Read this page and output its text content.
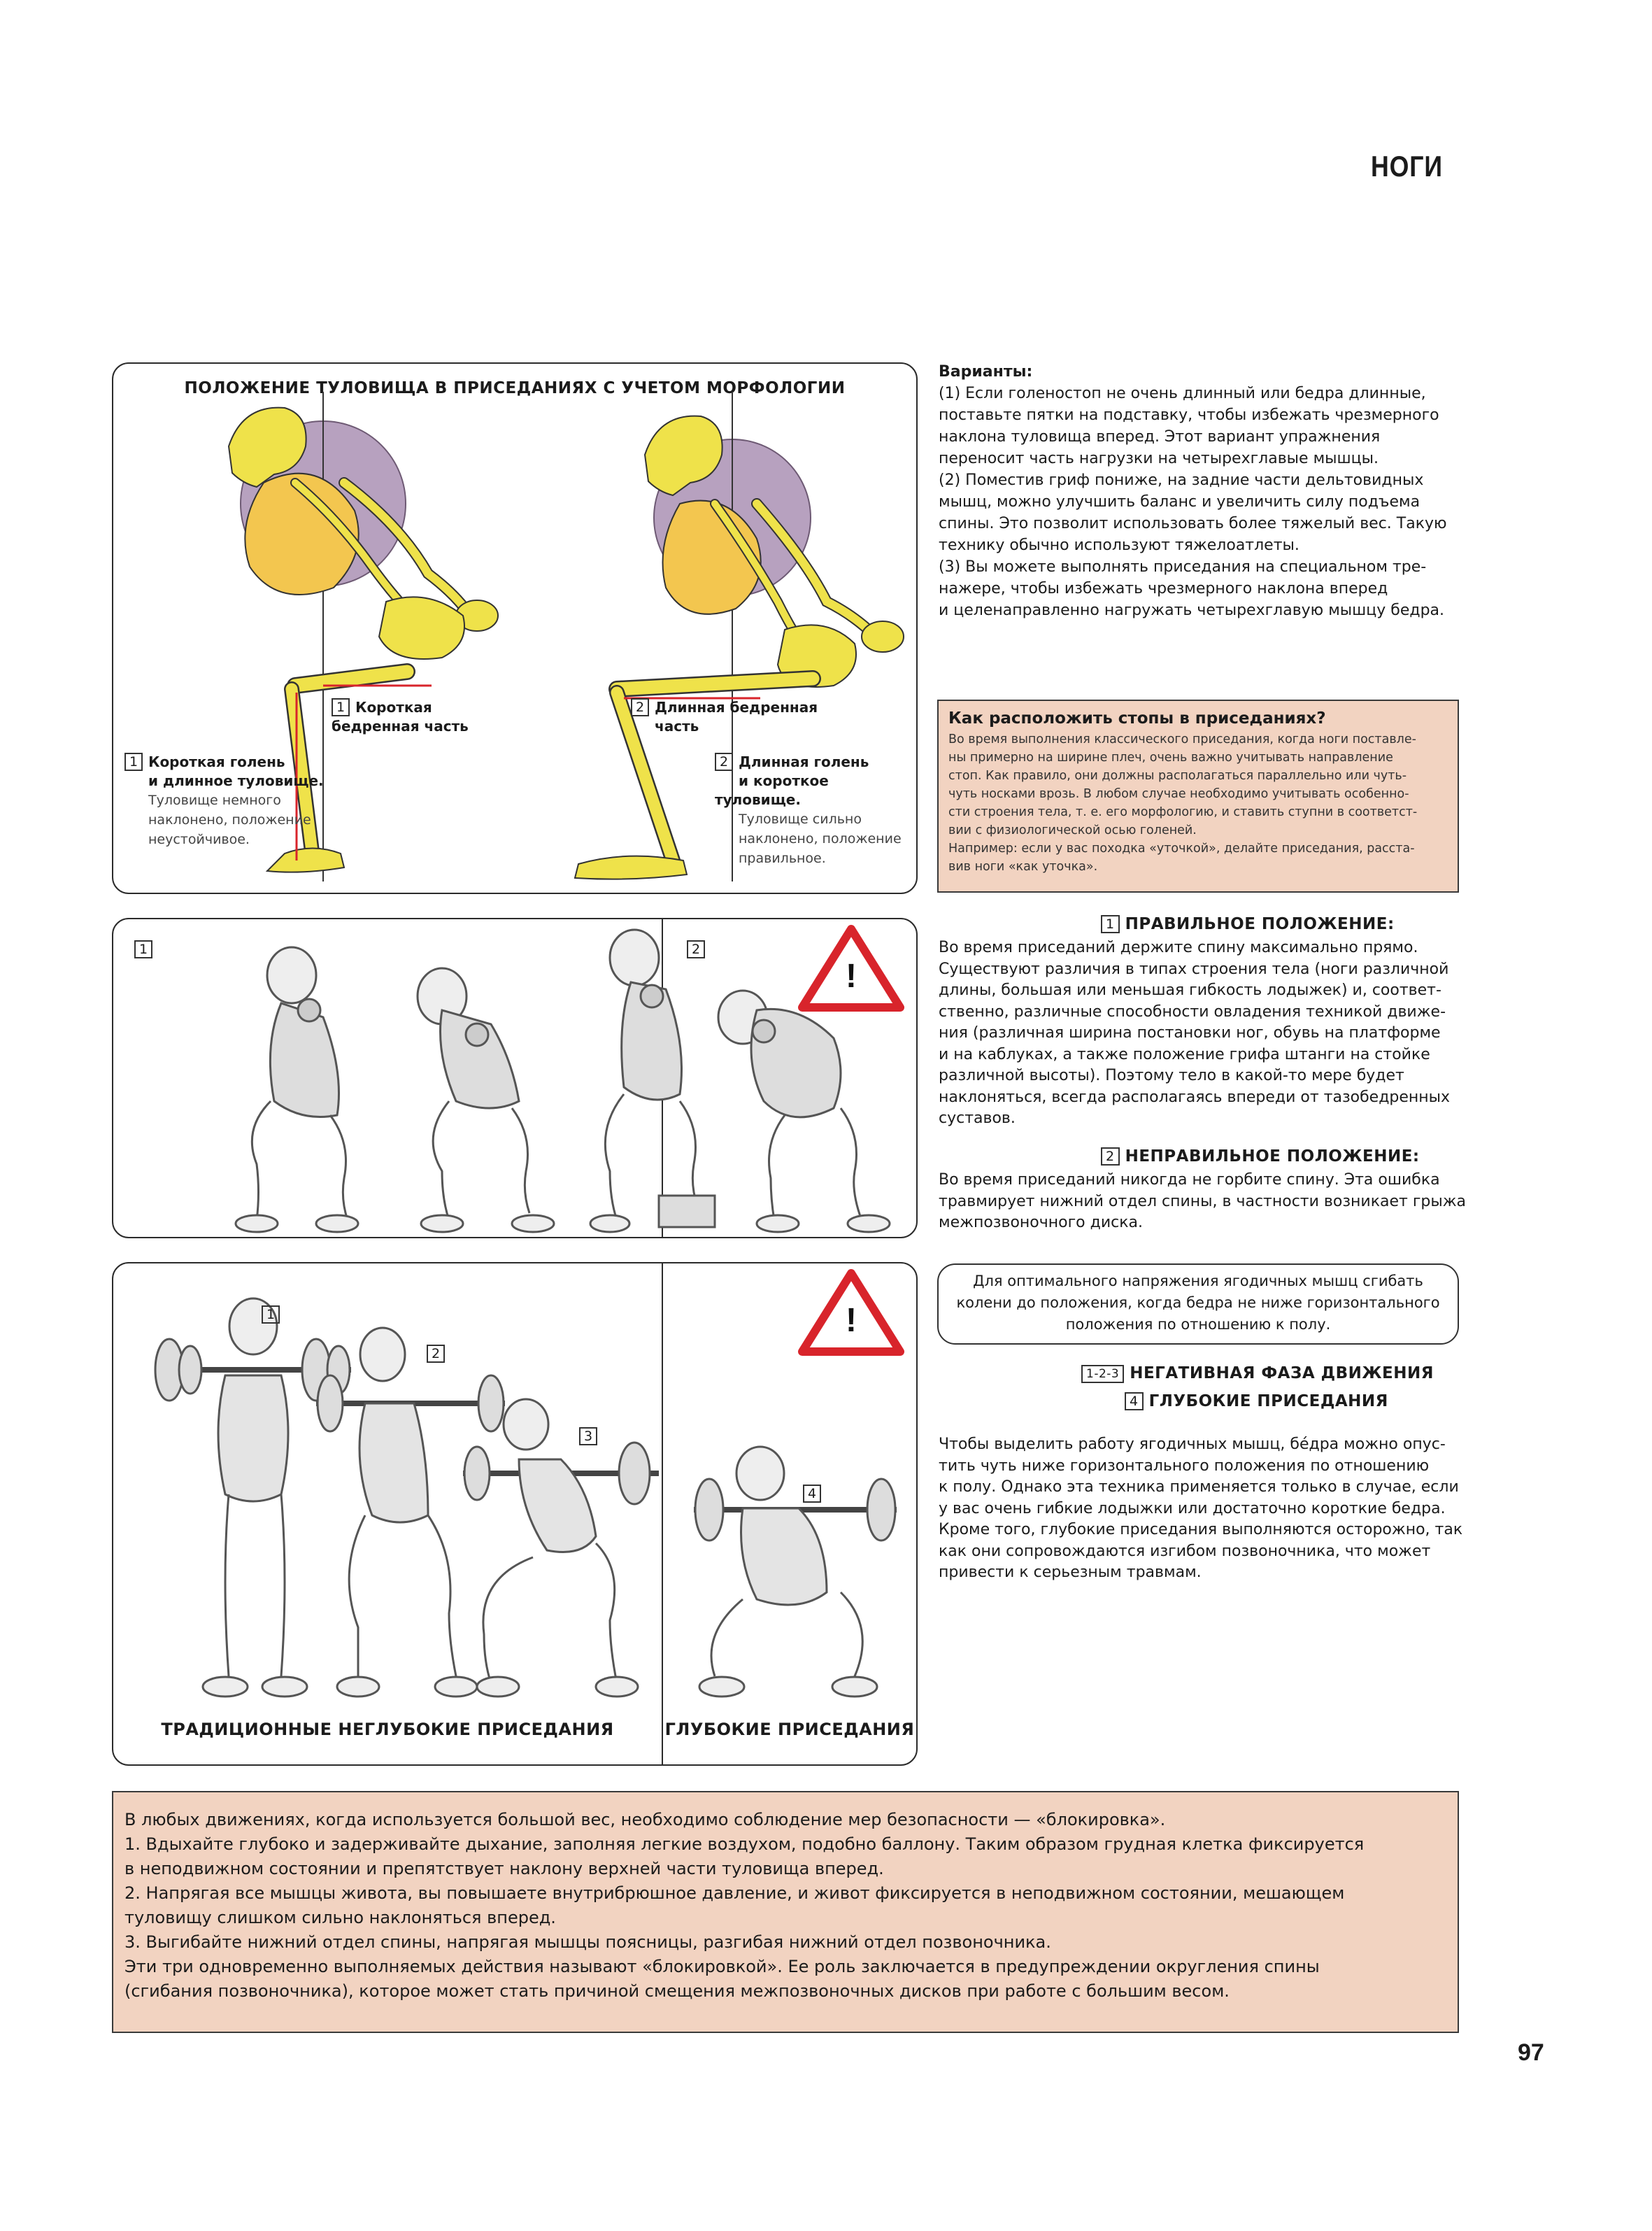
НОГИ
ПОЛОЖЕНИЕ ТУЛОВИЩА В ПРИСЕДАНИЯХ С УЧЕТОМ МОРФОЛОГИИ
1 Короткая
бедренная часть
1 Короткая голень
и длинное туловище.
Туловище немного
наклонено, положение
неустойчивое.
2 Длинная бедренная
часть
2 Длинная голень
и короткое туловище.
Туловище сильно
наклонено, положение
правильное.
Варианты:
(1) Если голеностоп не очень длинный или бедра длинные,
поставьте пятки на подставку, чтобы избежать чрезмерного
наклона туловища вперед. Этот вариант упражнения
переносит часть нагрузки на четырехглавые мышцы.
(2) Поместив гриф пониже, на задние части дельтовидных
мышц, можно улучшить баланс и увеличить силу подъема
спины. Это позволит использовать более тяжелый вес. Такую
технику обычно используют тяжелоатлеты.
(3) Вы можете выполнять приседания на специальном тре-
нажере, чтобы избежать чрезмерного наклона вперед
и целенаправленно нагружать четырехглавую мышцу бедра.
Как расположить стопы в приседаниях?
Во время выполнения классического приседания, когда ноги поставле-
ны примерно на ширине плеч, очень важно учитывать направление
стоп. Как правило, они должны располагаться параллельно или чуть-
чуть носками врозь. В любом случае необходимо учитывать особенно-
сти строения тела, т. е. его морфологию, и ставить ступни в соответст-
вии с физиологической осью голеней.
Например: если у вас походка «уточкой», делайте приседания, расста-
вив ноги «как уточка».
1	2
!
1 ПРАВИЛЬНОЕ ПОЛОЖЕНИЕ:
Во время приседаний держите спину максимально прямо.
Существуют различия в типах строения тела (ноги различной
длины, большая или меньшая гибкость лодыжек) и, соответ-
ственно, различные способности овладения техникой движе-
ния (различная ширина постановки ног, обувь на платформе
и на каблуках, а также положение грифа штанги на стойке
различной высоты). Поэтому тело в какой-то мере будет
наклоняться, всегда располагаясь впереди от тазобедренных
суставов.
2 НЕПРАВИЛЬНОЕ ПОЛОЖЕНИЕ:
Во время приседаний никогда не горбите спину. Эта ошибка
травмирует нижний отдел спины, в частности возникает грыжа
межпозвоночного диска.
Для оптимального напряжения ягодичных мышц сгибать
колени до положения, когда бедра не ниже горизонтального
положения по отношению к полу.
1-2-3 НЕГАТИВНАЯ ФАЗА ДВИЖЕНИЯ
4 ГЛУБОКИЕ ПРИСЕДАНИЯ
Чтобы выделить работу ягодичных мышц, бе́дра можно опус-
тить чуть ниже горизонтального положения по отношению
к полу. Однако эта техника применяется только в случае, если
у вас очень гибкие лодыжки или достаточно короткие бедра.
Кроме того, глубокие приседания выполняются осторожно, так
как они сопровождаются изгибом позвоночника, что может
привести к серьезным травмам.
!
1
2
3
4
ТРАДИЦИОННЫЕ НЕГЛУБОКИЕ ПРИСЕДАНИЯ	ГЛУБОКИЕ ПРИСЕДАНИЯ
В любых движениях, когда используется большой вес, необходимо соблюдение мер безопасности — «блокировка».
1. Вдыхайте глубоко и задерживайте дыхание, заполняя легкие воздухом, подобно баллону. Таким образом грудная клетка фиксируется
в неподвижном состоянии и препятствует наклону верхней части туловища вперед.
2. Напрягая все мышцы живота, вы повышаете внутрибрюшное давление, и живот фиксируется в неподвижном состоянии, мешающем
туловищу слишком сильно наклоняться вперед.
3. Выгибайте нижний отдел спины, напрягая мышцы поясницы, разгибая нижний отдел позвоночника.
Эти три одновременно выполняемых действия называют «блокировкой». Ее роль заключается в предупреждении округления спины
(сгибания позвоночника), которое может стать причиной смещения межпозвоночных дисков при работе с большим весом.
97
